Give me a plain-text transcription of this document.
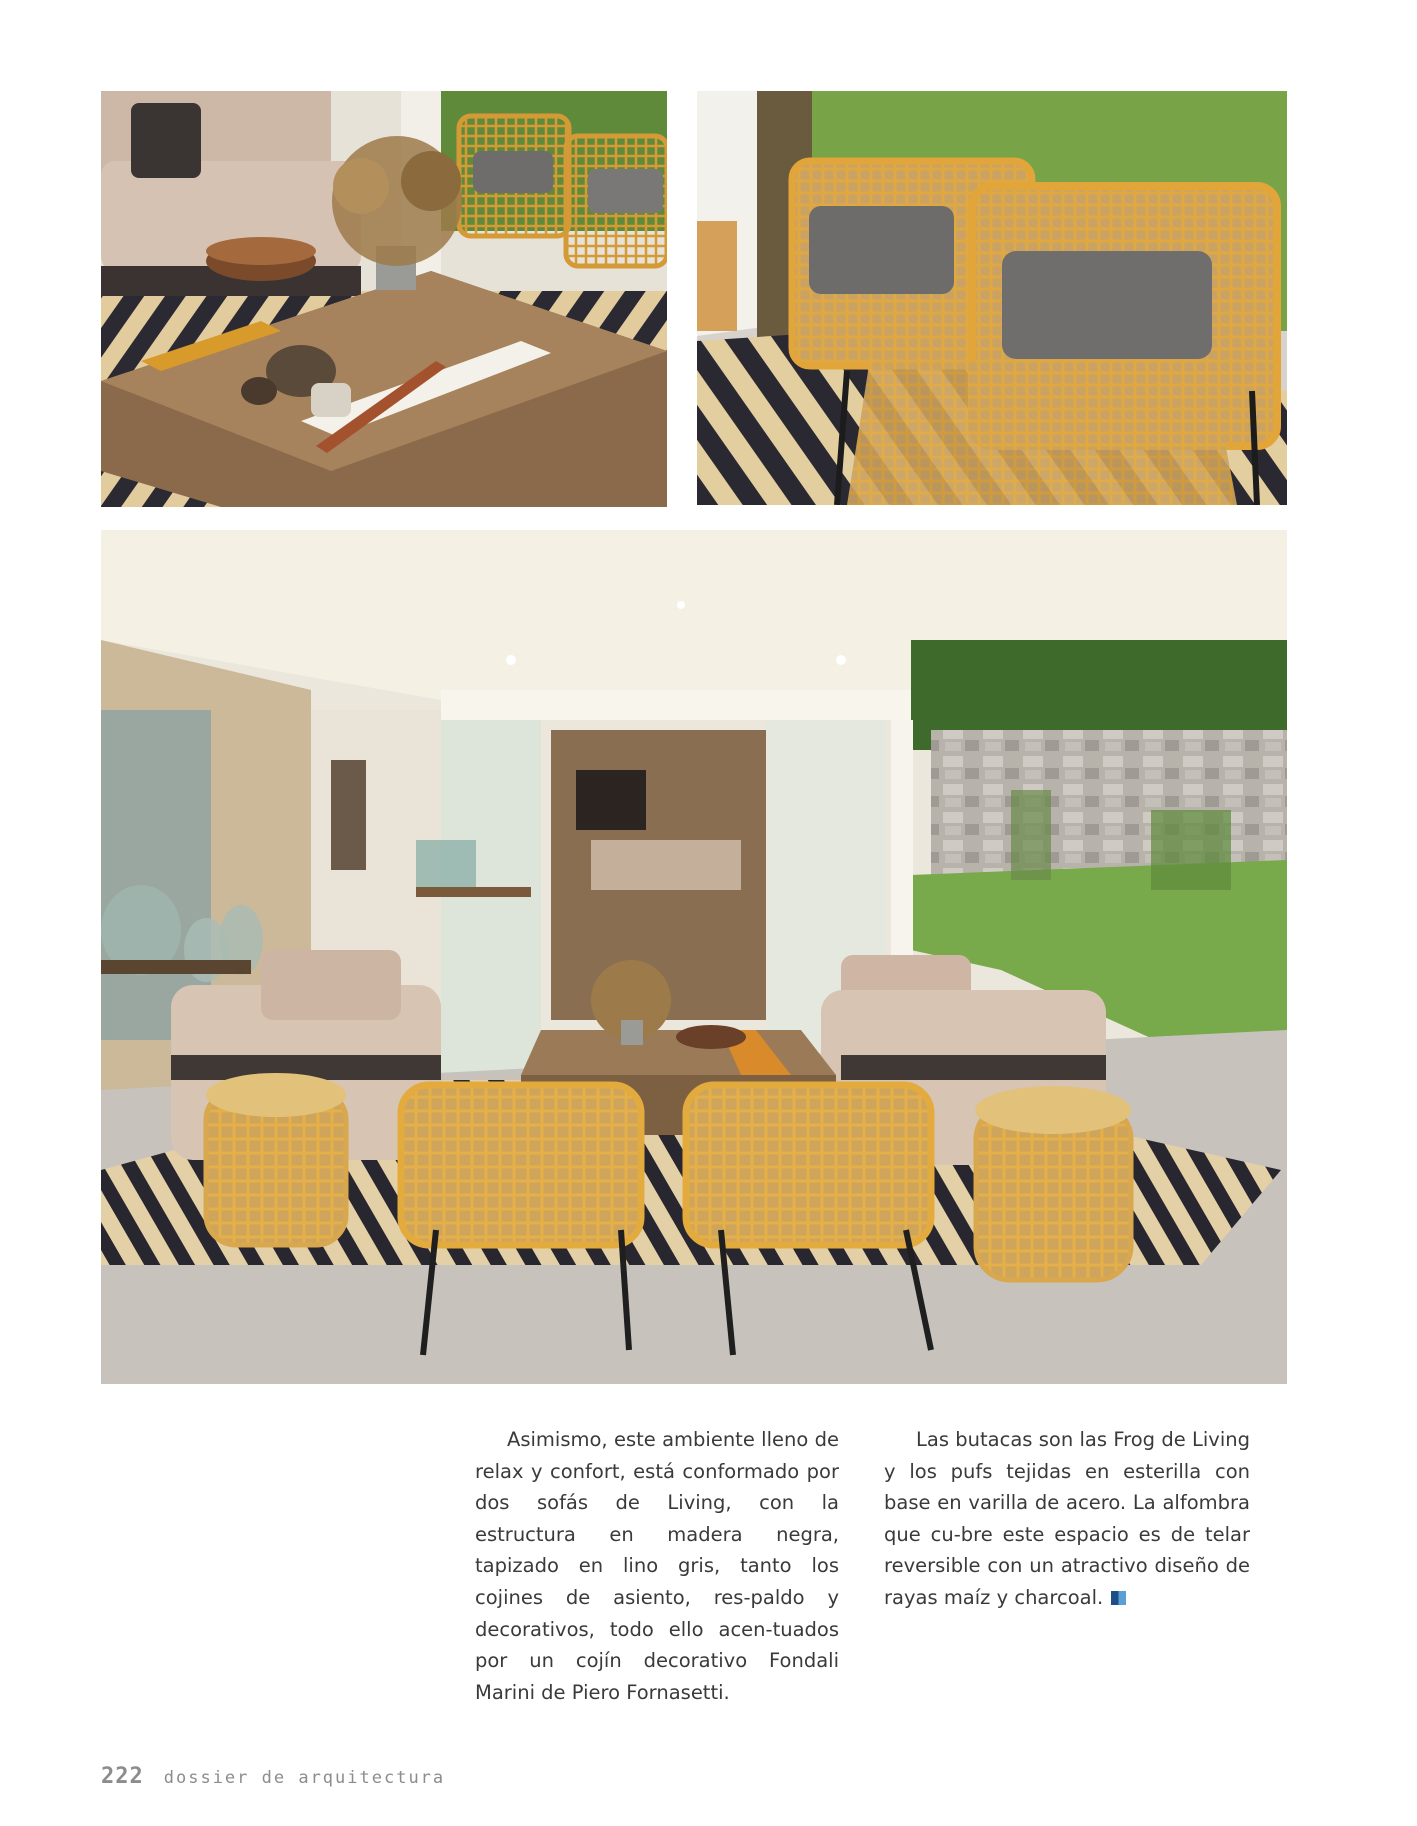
Asimismo, este ambiente lleno de relax y confort, está conformado por dos sofás de Living, con la estructura en madera negra, tapizado en lino gris, tanto los cojines de asiento, res-paldo y decorativos, todo ello acen-tuados por un cojín decorativo Fondali Marini de Piero Fornasetti.

Las butacas son las Frog de Living y los pufs tejidas en esterilla con base en varilla de acero. La alfombra que cu-bre este espacio es de telar reversible con un atractivo diseño de rayas maíz y charcoal.

222 dossier de arquitectura
